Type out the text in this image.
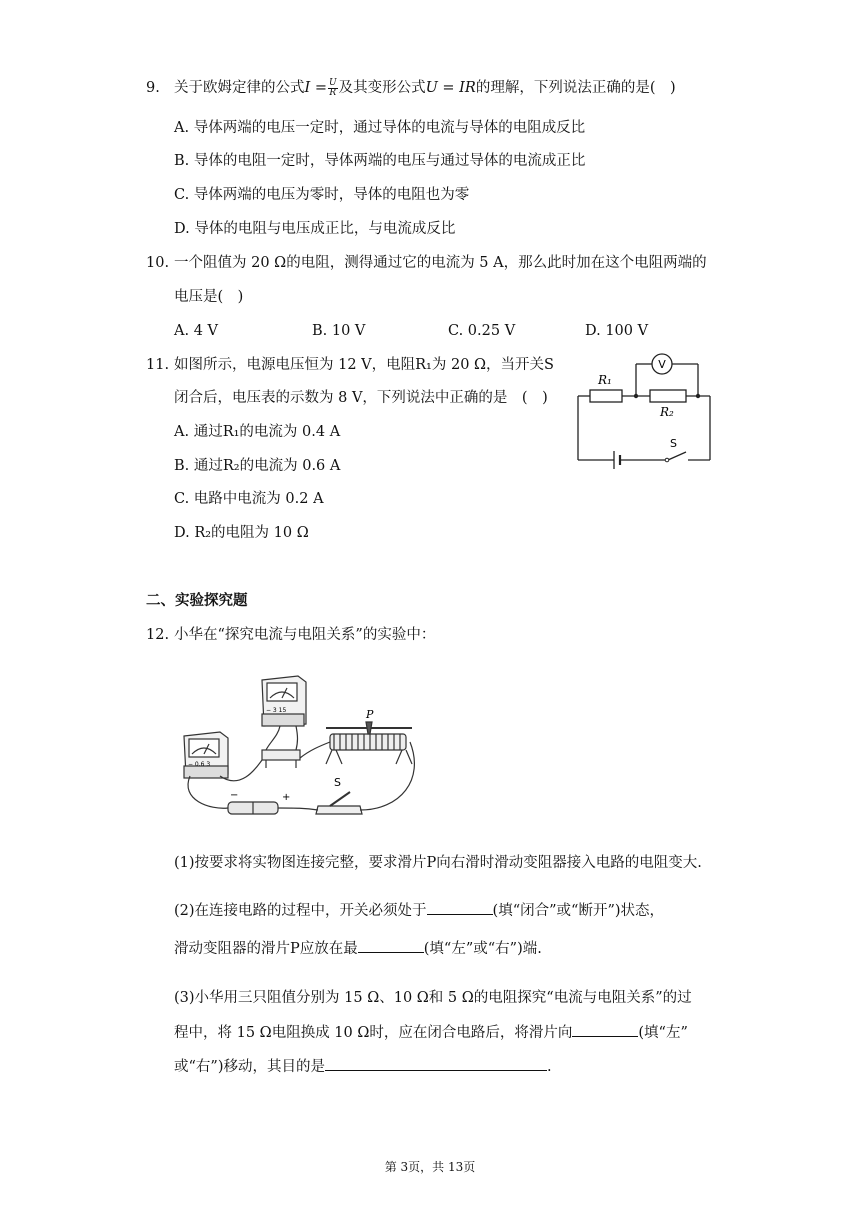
9. 关于欧姆定律的公式$I = \frac{U}{R}$ 及其变形公式U = IR的理解，下列说法正确的是(　)
A. 导体两端的电压一定时，通过导体的电流与导体的电阻成反比
B. 导体的电阻一定时，导体两端的电压与通过导体的电流成正比
C. 导体两端的电压为零时，导体的电阻也为零
D. 导体的电阻与电压成正比，与电流成反比
10. 一个阻值为 20 Ω的电阻，测得通过它的电流为 5 A，那么此时加在这个电阻两端的
电压是(　)
A. 4 V	B. 10 V	C. 0.25 V	D. 100 V
11. 如图所示，电源电压恒为 12 V，电阻R₁为 20 Ω，当开关S
闭合后，电压表的示数为 8 V，下列说法中正确的是　(　)
A. 通过R₁的电流为 0.4 A
B. 通过R₂的电流为 0.6 A
C. 电路中电流为 0.2 A
D. R₂的电阻为 10 Ω
V
R₁
R₂
S
二、实验探究题
12. 小华在“探究电流与电阻关系”的实验中：
− 3 15
− 0.6 3
P
S
−	+
(1)按要求将实物图连接完整，要求滑片P向右滑时滑动变阻器接入电路的电阻变大.
(2)在连接电路的过程中，开关必须处于	(填“闭合”或“断开”)状态，
滑动变阻器的滑片P应放在最	(填“左”或“右”)端.
(3)小华用三只阻值分别为 15 Ω、10 Ω和 5 Ω的电阻探究“电流与电阻关系”的过
程中，将 15 Ω电阻换成 10 Ω时，应在闭合电路后，将滑片向	(填“左”
或“右”)移动，其目的是	.
第 3页，共 13页
